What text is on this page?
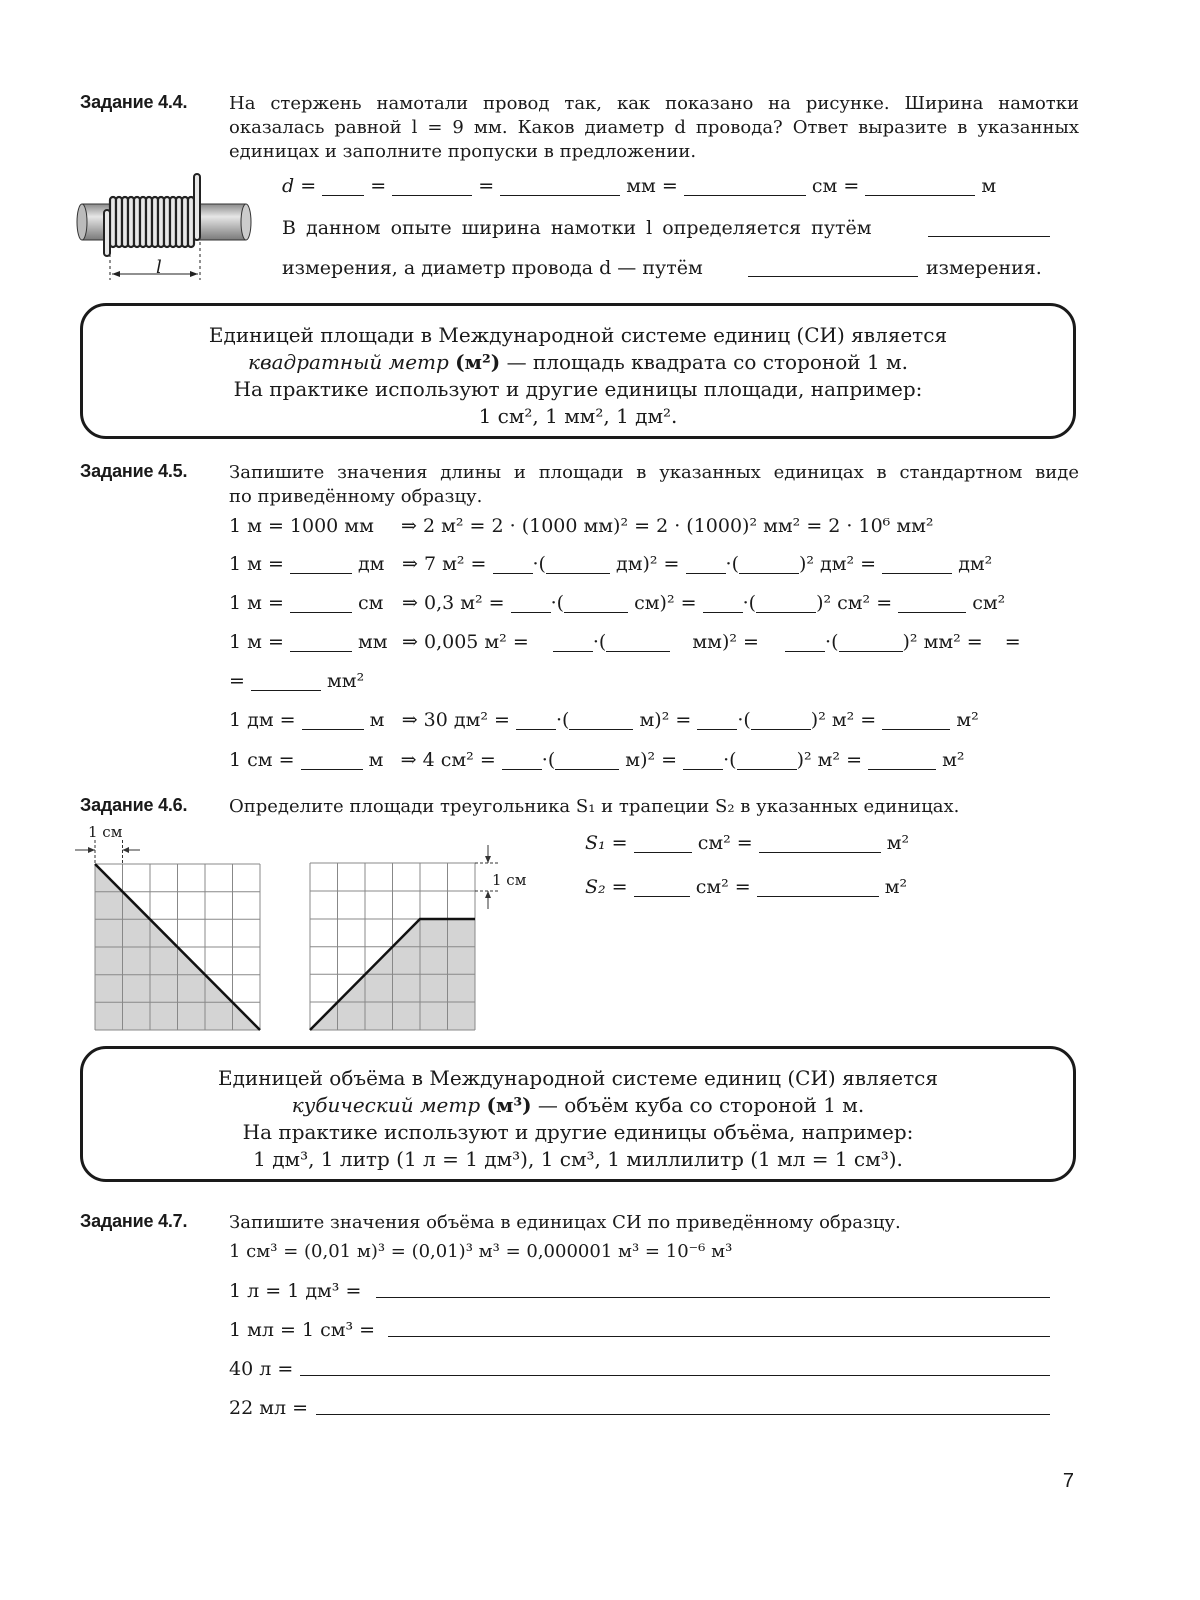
Задание 4.4. На стержень намотали провод так, как показано на рисунке. Ширина намотки
оказалась равной l = 9 мм. Каков диаметр d провода? Ответ выразите в указанных
единицах и заполните пропуски в предложении.
l
d =	=	=	мм =	см =	м
В данном опыте ширина намотки l определяется путём
измерения, а диаметр провода d — путём	измерения.

Единицей площади в Международной системе единиц (СИ) является

квадратный метр (м²) — площадь квадрата со стороной 1 м.

На практике используют и другие единицы площади, например:

1 см², 1 мм², 1 дм².

Задание 4.5. Запишите значения длины и площади в указанных единицах в стандартном виде
по приведённому образцу.
1 м = 1000 мм ⇒ 2 м² = 2 · (1000 мм)² = 2 · (1000)² мм² = 2 · 10⁶ мм²
1 м =	дм ⇒ 7 м² = ·(	дм)² = ·(	)² дм² =	дм²
1 м =	см ⇒ 0,3 м² = ·(	см)² = ·(	)² см² =	см²
1 м =	мм ⇒ 0,005 м² =	·(	мм)² =	·(	)² мм² = =
=	мм²
1 дм =	м ⇒ 30 дм² = ·(	м)² = ·(	)² м² =	м²
1 см =	м ⇒ 4 см² = ·(	м)² = ·(	)² м² =	м²
Задание 4.6. Определите площади треугольника S₁ и трапеции S₂ в указанных единицах.
1 см
1 см
S₁ =	см² =	м²
S₂ =	см² =	м²

Единицей объёма в Международной системе единиц (СИ) является

кубический метр (м³) — объём куба со стороной 1 м.

На практике используют и другие единицы объёма, например:

1 дм³, 1 литр (1 л = 1 дм³), 1 см³, 1 миллилитр (1 мл = 1 см³).

Задание 4.7. Запишите значения объёма в единицах СИ по приведённому образцу.
1 см³ = (0,01 м)³ = (0,01)³ м³ = 0,000001 м³ = 10⁻⁶ м³
1 л = 1 дм³ =
1 мл = 1 см³ =
40 л =
22 мл =
7
